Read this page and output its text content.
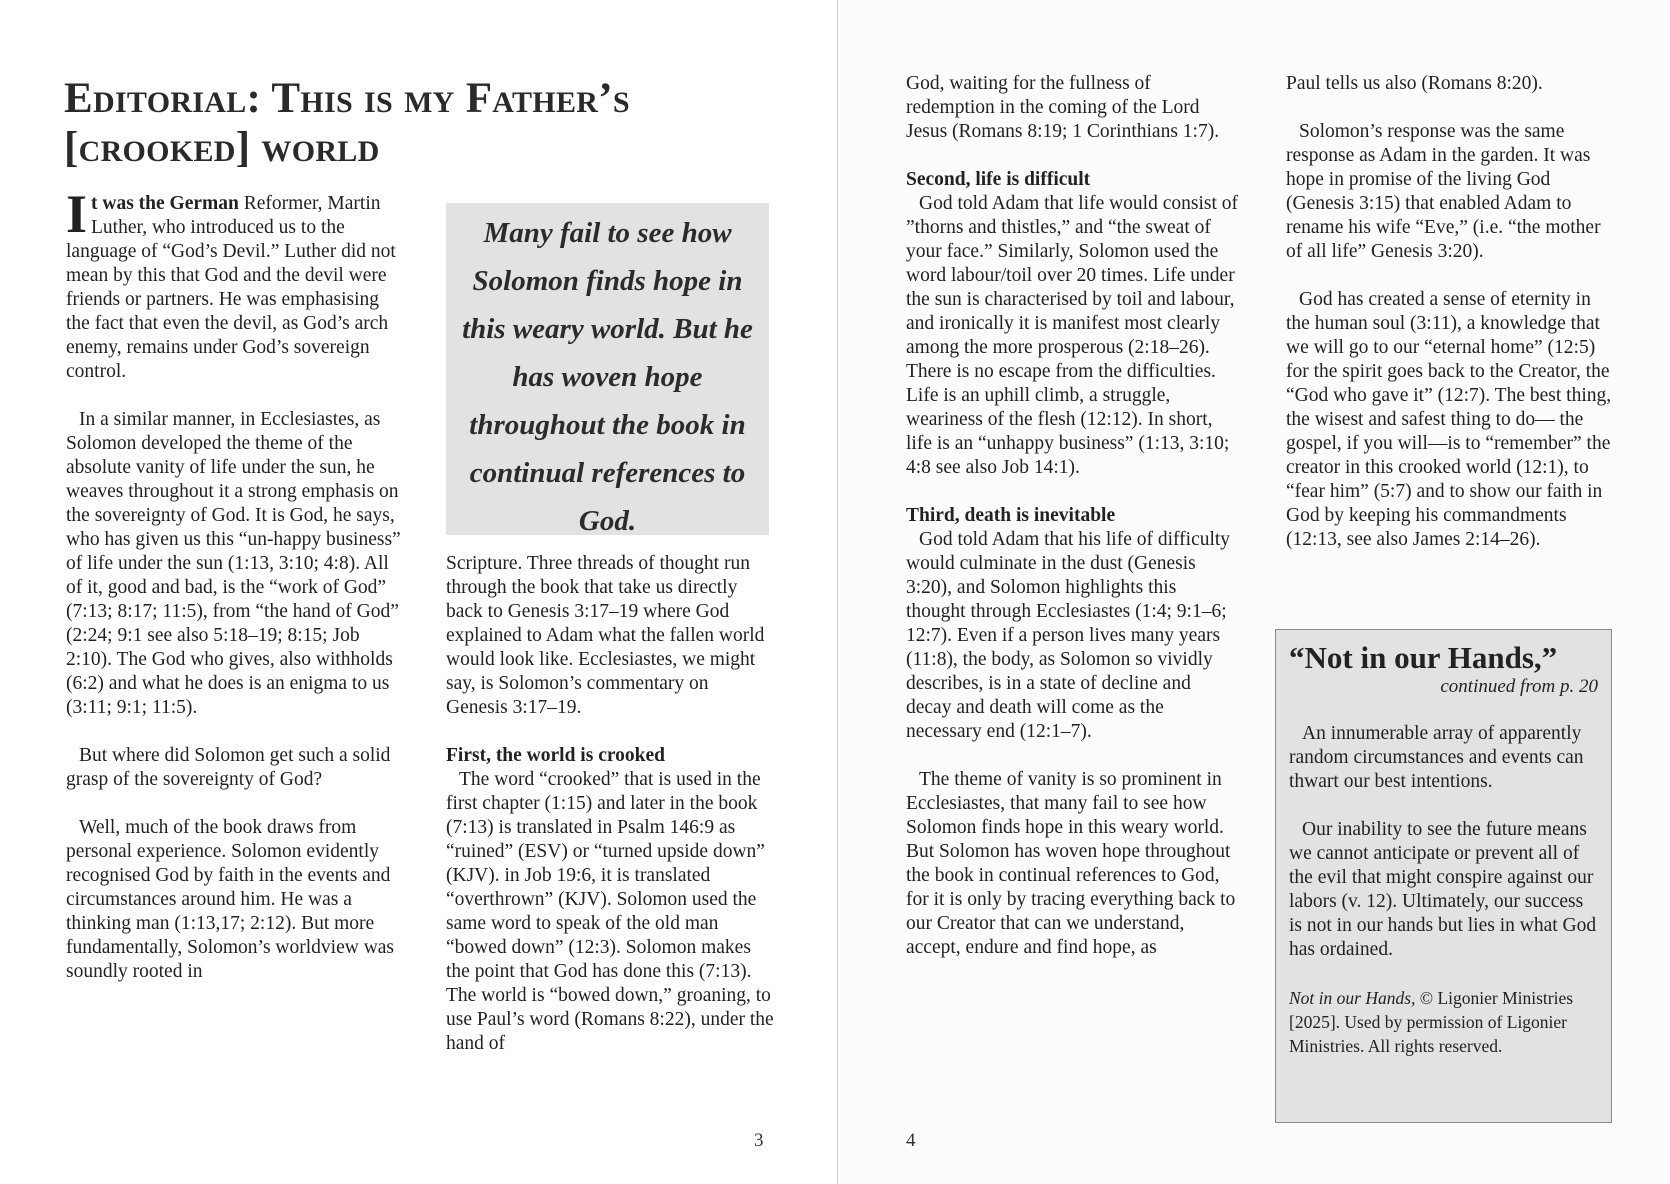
Editorial: This is my Father’s [crooked] world

It was the German Reformer, Martin Luther, who introduced us to the language of “God’s Devil.” Luther did not mean by this that God and the devil were friends or partners. He was emphasising the fact that even the devil, as God’s arch enemy, remains under God’s sovereign control.

In a similar manner, in Ecclesiastes, as Solomon developed the theme of the absolute vanity of life under the sun, he weaves throughout it a strong emphasis on the sovereignty of God. It is God, he says, who has given us this “un-happy business” of life under the sun (1:13, 3:10; 4:8). All of it, good and bad, is the “work of God” (7:13; 8:17; 11:5), from “the hand of God” (2:24; 9:1 see also 5:18–19; 8:15; Job 2:10). The God who gives, also withholds (6:2) and what he does is an enigma to us (3:11; 9:1; 11:5).

But where did Solomon get such a solid grasp of the sovereignty of God?

Well, much of the book draws from personal experience. Solomon evidently recognised God by faith in the events and circumstances around him. He was a thinking man (1:13,17; 2:12). But more fundamentally, Solomon’s worldview was soundly rooted in

Many fail to see how Solomon finds hope in this weary world. But he has woven hope throughout the book in continual references to God.

Scripture. Three threads of thought run through the book that take us directly back to Genesis 3:17–19 where God explained to Adam what the fallen world would look like. Ecclesiastes, we might say, is Solomon’s commentary on Genesis 3:17–19.

First, the world is crooked

The word “crooked” that is used in the first chapter (1:15) and later in the book (7:13) is translated in Psalm 146:9 as “ruined” (ESV) or “turned upside down” (KJV). in Job 19:6, it is translated “overthrown” (KJV). Solomon used the same word to speak of the old man “bowed down” (12:3). Solomon makes the point that God has done this (7:13). The world is “bowed down,” groaning, to use Paul’s word (Romans 8:22), under the hand of

God, waiting for the fullness of redemption in the coming of the Lord Jesus (Romans 8:19; 1 Corinthians 1:7).

Second, life is difficult

God told Adam that life would consist of ”thorns and thistles,” and “the sweat of your face.” Similarly, Solomon used the word labour/toil over 20 times. Life under the sun is characterised by toil and labour, and ironically it is manifest most clearly among the more prosperous (2:18–26). There is no escape from the difficulties. Life is an uphill climb, a struggle, weariness of the flesh (12:12). In short, life is an “unhappy business” (1:13, 3:10; 4:8 see also Job 14:1).

Third, death is inevitable

God told Adam that his life of difficulty would culminate in the dust (Genesis 3:20), and Solomon highlights this thought through Ecclesiastes (1:4; 9:1–6; 12:7). Even if a person lives many years (11:8), the body, as Solomon so vividly describes, is in a state of decline and decay and death will come as the necessary end (12:1–7).

The theme of vanity is so prominent in Ecclesiastes, that many fail to see how Solomon finds hope in this weary world. But Solomon has woven hope throughout the book in continual references to God, for it is only by tracing everything back to our Creator that can we understand, accept, endure and find hope, as

Paul tells us also (Romans 8:20).

Solomon’s response was the same response as Adam in the garden. It was hope in promise of the living God (Genesis 3:15) that enabled Adam to rename his wife “Eve,” (i.e. “the mother of all life” Genesis 3:20).

God has created a sense of eternity in the human soul (3:11), a knowledge that we will go to our “eternal home” (12:5) for the spirit goes back to the Creator, the “God who gave it” (12:7). The best thing, the wisest and safest thing to do— the gospel, if you will—is to “remember” the creator in this crooked world (12:1), to “fear him” (5:7) and to show our faith in God by keeping his commandments (12:13, see also James 2:14–26).

“Not in our Hands,”
continued from p. 20

An innumerable array of apparently random circumstances and events can thwart our best intentions.

Our inability to see the future means we cannot anticipate or prevent all of the evil that might conspire against our labors (v. 12). Ultimately, our success is not in our hands but lies in what God has ordained.

Not in our Hands, © Ligonier Ministries [2025]. Used by permission of Ligonier Ministries. All rights reserved.

3	4
